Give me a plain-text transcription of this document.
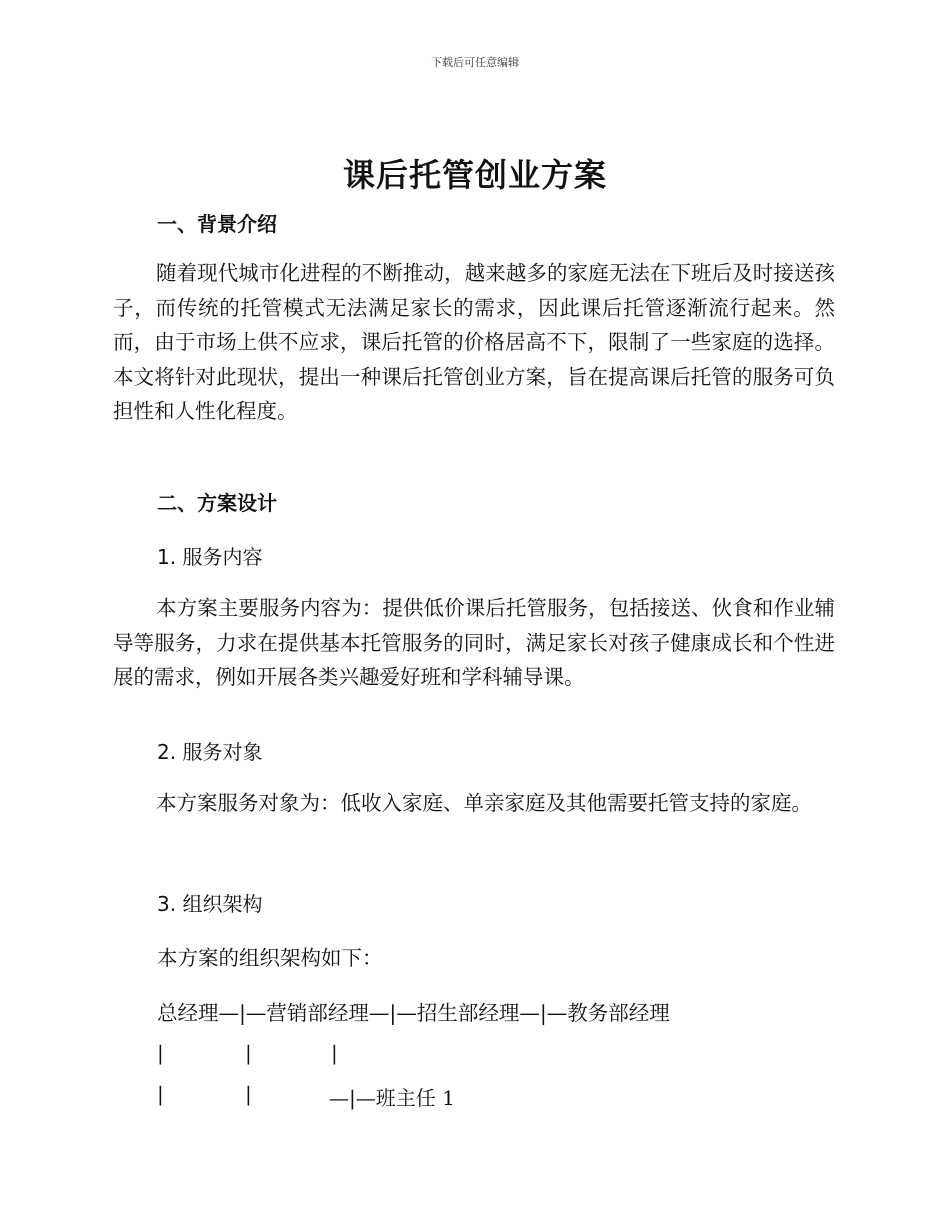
下载后可任意编辑
课后托管创业方案
一、背景介绍
随着现代城市化进程的不断推动，越来越多的家庭无法在下班后及时接送孩子，而传统的托管模式无法满足家长的需求，因此课后托管逐渐流行起来。然而，由于市场上供不应求，课后托管的价格居高不下，限制了一些家庭的选择。本文将针对此现状，提出一种课后托管创业方案，旨在提高课后托管的服务可负担性和人性化程度。
二、方案设计
1. 服务内容
本方案主要服务内容为：提供低价课后托管服务，包括接送、伙食和作业辅导等服务，力求在提供基本托管服务的同时，满足家长对孩子健康成长和个性进展的需求，例如开展各类兴趣爱好班和学科辅导课。
2. 服务对象
本方案服务对象为：低收入家庭、单亲家庭及其他需要托管支持的家庭。
3. 组织架构
本方案的组织架构如下：
总经理—|—营销部经理—|—招生部经理—|—教务部经理

|

	|

	|

|

	|

	—|—班主任 1
